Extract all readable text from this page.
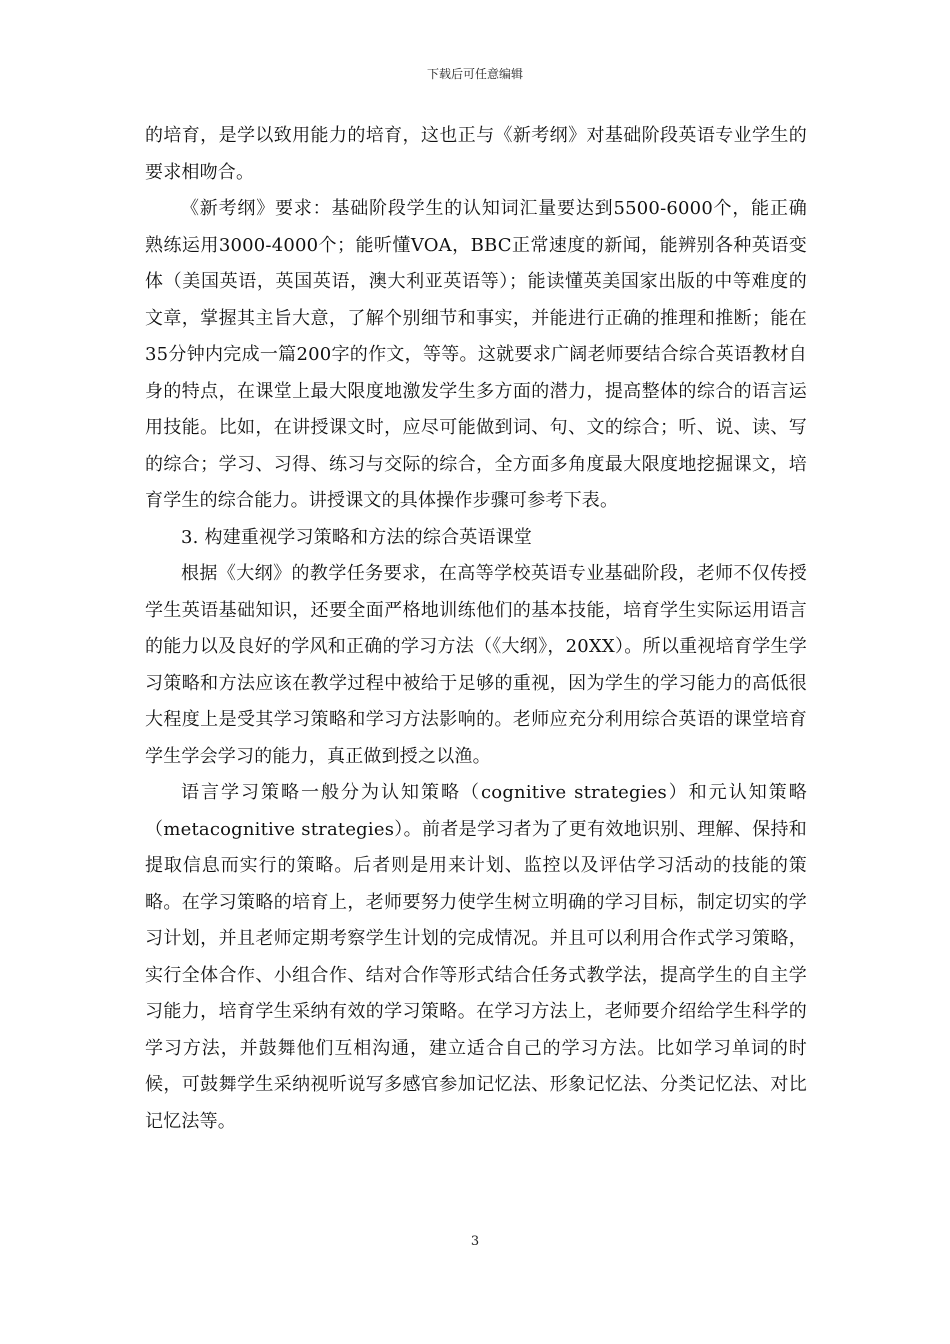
下载后可任意编辑

的培育，是学以致用能力的培育，这也正与《新考纲》对基础阶段英语专业学生的要求相吻合。

《新考纲》要求：基础阶段学生的认知词汇量要达到5500-6000个，能正确熟练运用3000-4000个；能听懂VOA，BBC正常速度的新闻，能辨别各种英语变体（美国英语，英国英语，澳大利亚英语等）；能读懂英美国家出版的中等难度的文章，掌握其主旨大意，了解个别细节和事实，并能进行正确的推理和推断；能在35分钟内完成一篇200字的作文，等等。这就要求广阔老师要结合综合英语教材自身的特点，在课堂上最大限度地激发学生多方面的潜力，提高整体的综合的语言运用技能。比如，在讲授课文时，应尽可能做到词、句、文的综合；听、说、读、写的综合；学习、习得、练习与交际的综合，全方面多角度最大限度地挖掘课文，培育学生的综合能力。讲授课文的具体操作步骤可参考下表。

3. 构建重视学习策略和方法的综合英语课堂

根据《大纲》的教学任务要求，在高等学校英语专业基础阶段，老师不仅传授学生英语基础知识，还要全面严格地训练他们的基本技能，培育学生实际运用语言的能力以及良好的学风和正确的学习方法（《大纲》，20XX）。所以重视培育学生学习策略和方法应该在教学过程中被给于足够的重视，因为学生的学习能力的高低很大程度上是受其学习策略和学习方法影响的。老师应充分利用综合英语的课堂培育学生学会学习的能力，真正做到授之以渔。

语言学习策略一般分为认知策略（cognitive strategies）和元认知策略（metacognitive strategies）。前者是学习者为了更有效地识别、理解、保持和提取信息而实行的策略。后者则是用来计划、监控以及评估学习活动的技能的策略。在学习策略的培育上，老师要努力使学生树立明确的学习目标，制定切实的学习计划，并且老师定期考察学生计划的完成情况。并且可以利用合作式学习策略，实行全体合作、小组合作、结对合作等形式结合任务式教学法，提高学生的自主学习能力，培育学生采纳有效的学习策略。在学习方法上，老师要介绍给学生科学的学习方法，并鼓舞他们互相沟通，建立适合自己的学习方法。比如学习单词的时候，可鼓舞学生采纳视听说写多感官参加记忆法、形象记忆法、分类记忆法、对比记忆法等。

3
